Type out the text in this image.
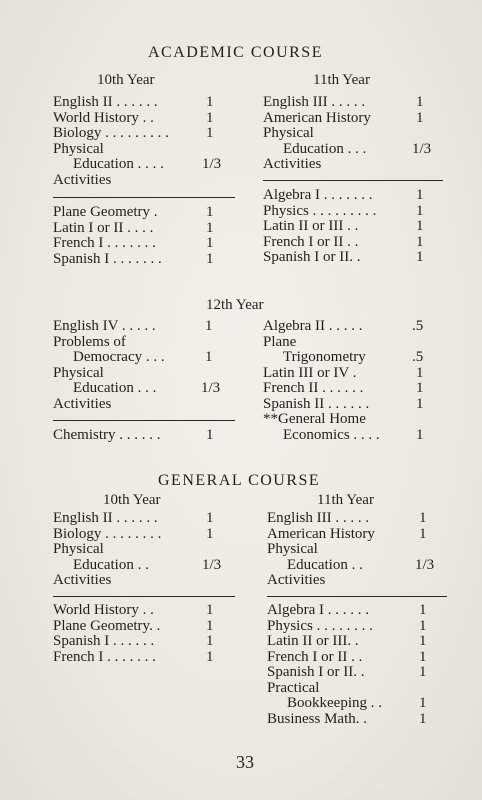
ACADEMIC COURSE
10th Year	11th Year
English II . . . . . .	1
World History . .	1
Biology . . . . . . . . . 1
Physical
Education . . . .	1/3
Activities
Plane Geometry .	1
Latin I or II . . . .	1
French I . . . . . . .	1
Spanish I . . . . . . .	1
English III . . . . .	1
American History	1
Physical
Education . . .	1/3
Activities
Algebra I . . . . . . .	1
Physics . . . . . . . . .	1
Latin II or III . .	1
French I or II . .	1
Spanish I or II. .	1
12th Year
English IV . . . . .	1
Problems of
Democracy . . .	1
Physical
Education . . .	1/3
Activities
Chemistry . . . . . .	1
Algebra II . . . . .	.5
Plane
Trigonometry	.5
Latin III or IV .	1
French II . . . . . .	1
Spanish II . . . . . .	1
**General Home
Economics . . . . 1
GENERAL COURSE
10th Year	11th Year
English II . . . . . .	1
Biology . . . . . . . .	1
Physical
Education . .	1/3
Activities
World History . .	1
Plane Geometry. .	1
Spanish I . . . . . .	1
French I . . . . . . .	1
English III . . . . .	1
American History	1
Physical
Education . .	1/3
Activities
Algebra I . . . . . .	1
Physics . . . . . . . .	1
Latin II or III. .	1
French I or II . .	1
Spanish I or II. .	1
Practical
Bookkeeping . . 1
Business Math. .	1
33
